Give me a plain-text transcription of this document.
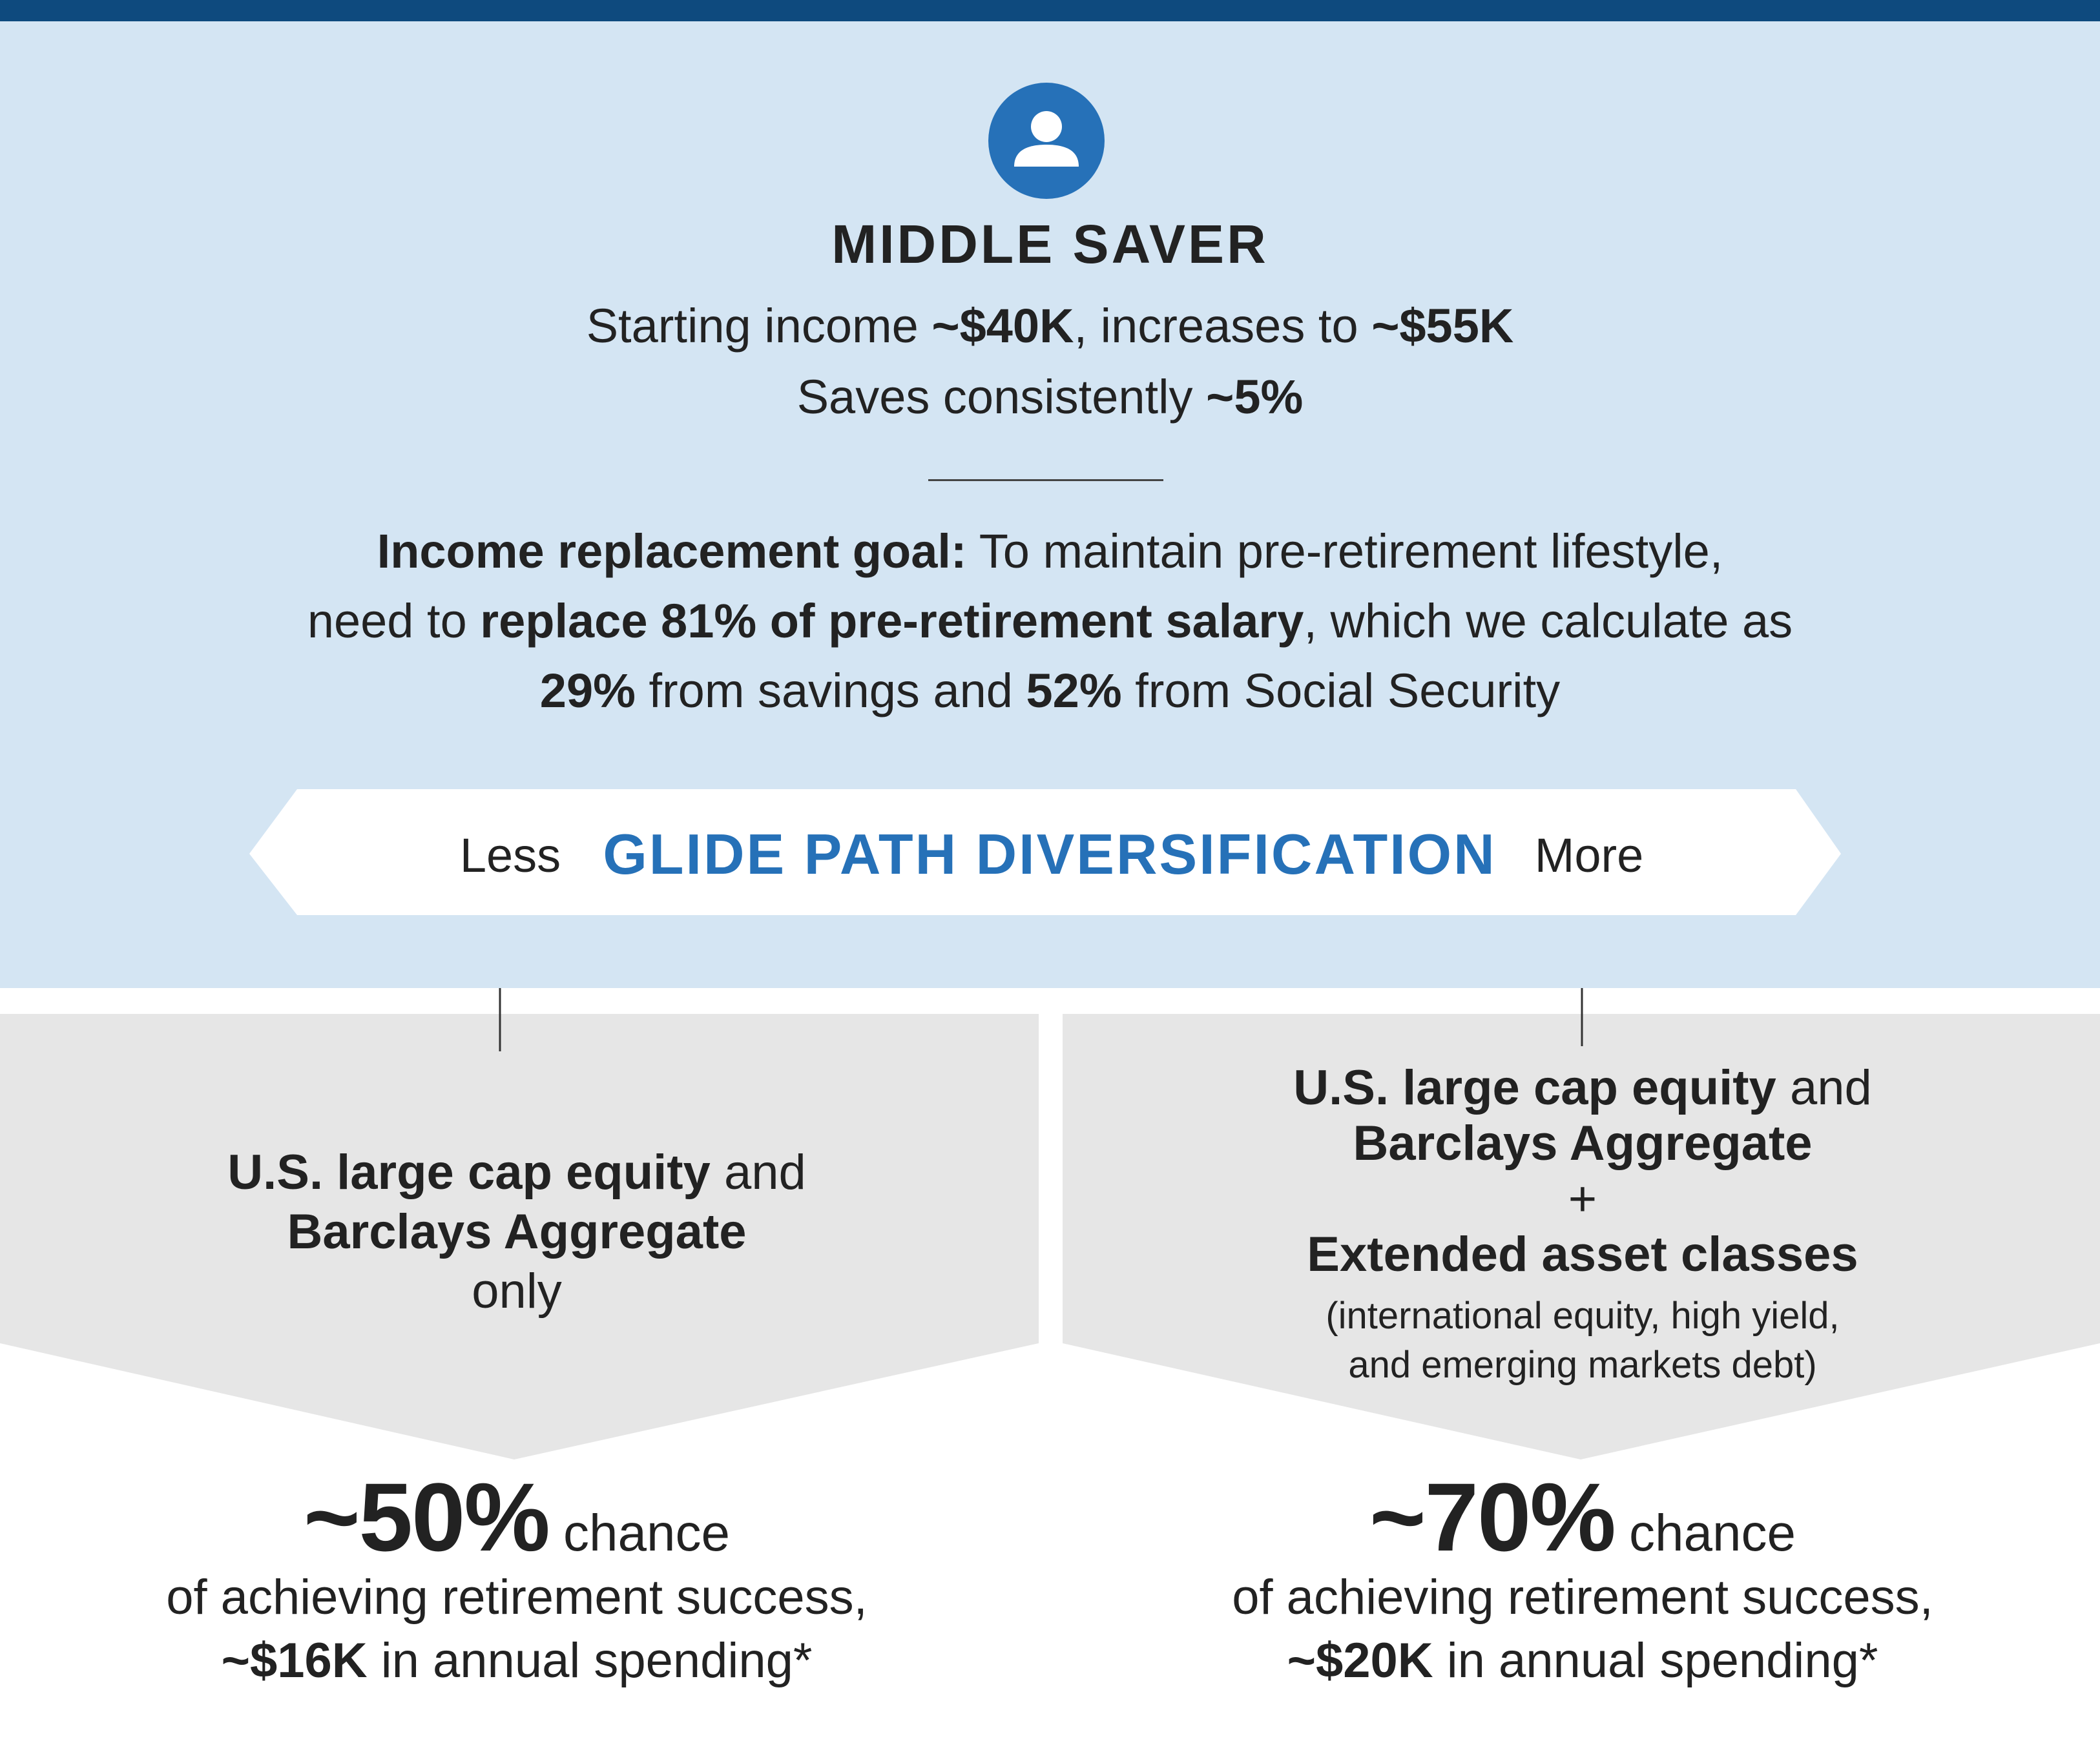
MIDDLE SAVER
Starting income ~$40K, increases to ~$55K
Saves consistently ~5%
Income replacement goal: To maintain pre-retirement lifestyle,
need to replace 81% of pre-retirement salary, which we calculate as
29% from savings and 52% from Social Security
Less GLIDE PATH DIVERSIFICATION More
U.S. large cap equity and
Barclays Aggregate
only
U.S. large cap equity and
Barclays Aggregate
+
Extended asset classes
(international equity, high yield,
and emerging markets debt)
~50% chance
of achieving retirement success,
~$16K in annual spending*
~70% chance
of achieving retirement success,
~$20K in annual spending*
